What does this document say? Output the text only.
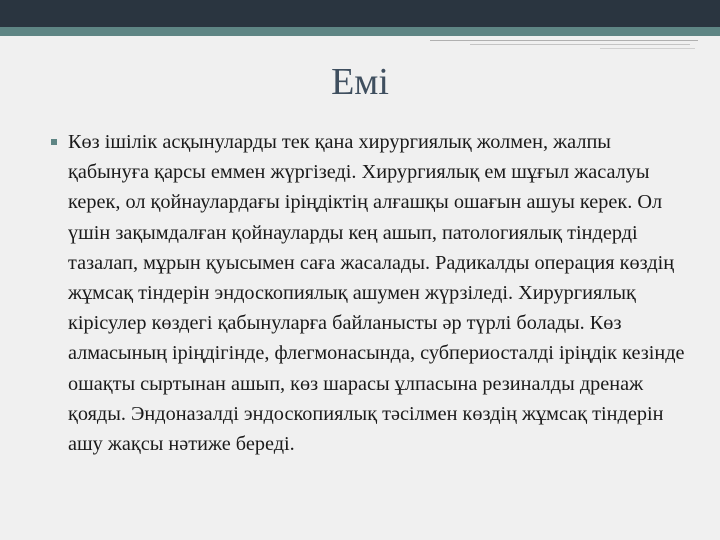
Емі
Көз ішілік асқынуларды тек қана хирургиялық жолмен, жалпы қабынуға қарсы еммен жүргізеді. Хирургиялық ем шұғыл жасалуы керек, ол қойнаулардағы іріңдіктің алғашқы ошағын ашуы керек. Ол үшін зақымдалған қойнауларды кең ашып, патологиялық тіндерді тазалап, мұрын қуысымен саға жасалады. Радикалды операция көздің жұмсақ тіндерін эндоскопиялық ашумен жүрзіледі. Хирургиялық кірісулер көздегі қабынуларға байланысты әр түрлі болады. Көз алмасының іріңдігінде, флегмонасында, субпериосталді іріңдік кезінде ошақты сыртынан ашып, көз шарасы ұлпасына резиналды дренаж қояды. Эндоназалді эндоскопиялық тәсілмен көздің жұмсақ тіндерін ашу жақсы нәтиже береді.
